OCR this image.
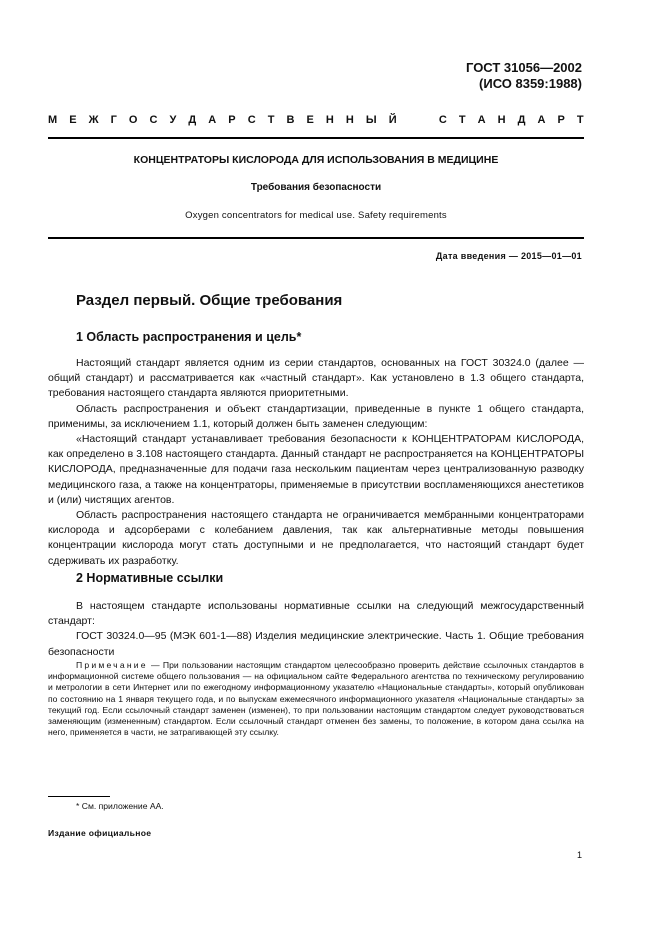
ГОСТ 31056—2002
(ИСО 8359:1988)
М Е Ж Г О С У Д А Р С Т В Е Н Н Ы Й

	С Т А Н Д А Р Т
КОНЦЕНТРАТОРЫ КИСЛОРОДА ДЛЯ ИСПОЛЬЗОВАНИЯ В МЕДИЦИНЕ
Требования безопасности
Oxygen concentrators for medical use. Safety requirements
Дата введения — 2015—01—01
Раздел первый. Общие требования
1 Область распространения и цель*

Настоящий стандарт является одним из серии стандартов, основанных на ГОСТ 30324.0 (далее — общий стандарт) и рассматривается как «частный стандарт». Как установлено в 1.3 общего стандарта, требования настоящего стандарта являются приоритетными.

Область распространения и объект стандартизации, приведенные в пункте 1 общего стандарта, применимы, за исключением 1.1, который должен быть заменен следующим:

«Настоящий стандарт устанавливает требования безопасности к КОНЦЕНТРАТОРАМ КИСЛОРОДА, как определено в 3.108 настоящего стандарта. Данный стандарт не распространяется на КОНЦЕНТРАТОРЫ КИСЛОРОДА, предназначенные для подачи газа нескольким пациентам через централизованную разводку медицинского газа, а также на концентраторы, применяемые в присутствии воспламеняющихся анестетиков и (или) чистящих агентов.

Область распространения настоящего стандарта не ограничивается мембранными концентраторами кислорода и адсорберами с колебанием давления, так как альтернативные методы повышения концентрации кислорода могут стать доступными и не предполагается, что настоящий стандарт будет сдерживать их разработку.

2 Нормативные ссылки

В настоящем стандарте использованы нормативные ссылки на следующий межгосударственный стандарт:

ГОСТ 30324.0—95 (МЭК 601-1—88) Изделия медицинские электрические. Часть 1. Общие требования безопасности

Примечание — При пользовании настоящим стандартом целесообразно проверить действие ссылочных стандартов в информационной системе общего пользования — на официальном сайте Федерального агентства по техническому регулированию и метрологии в сети Интернет или по ежегодному информационному указателю «Национальные стандарты», который опубликован по состоянию на 1 января текущего года, и по выпускам ежемесячного информационного указателя «Национальные стандарты» за текущий год. Если ссылочный стандарт заменен (изменен), то при пользовании настоящим стандартом следует руководствоваться заменяющим (измененным) стандартом. Если ссылочный стандарт отменен без замены, то положение, в котором дана ссылка на него, применяется в части, не затрагивающей эту ссылку.

* См. приложение АА.
Издание официальное
1
